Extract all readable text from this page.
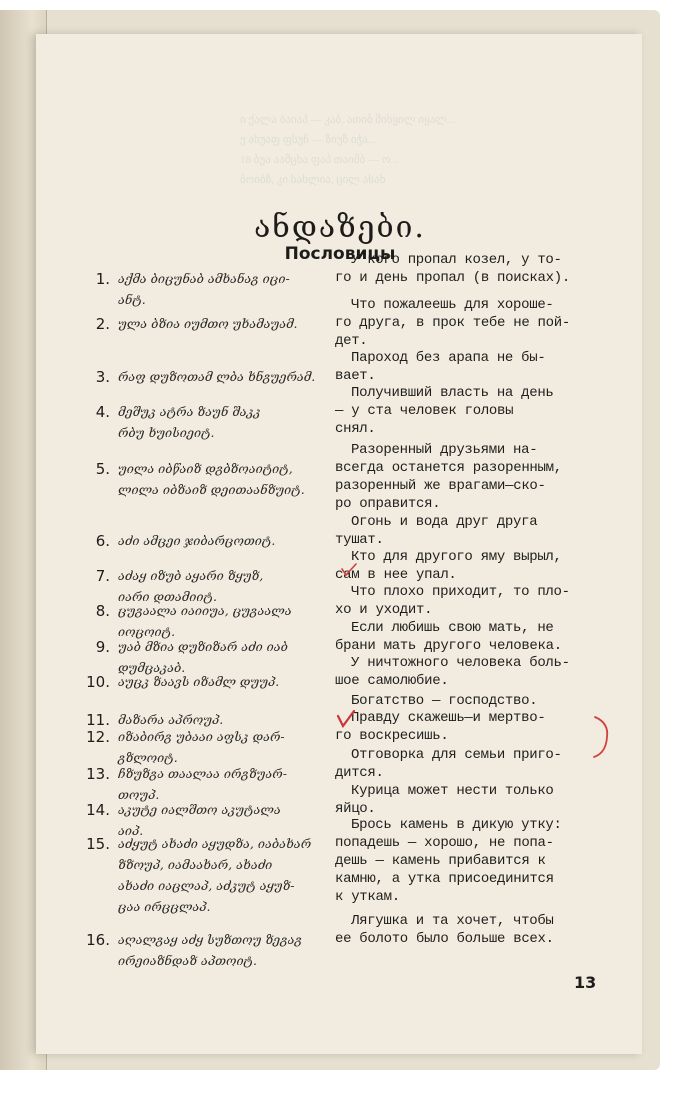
ი ქალა ბაიაპ — კაბ, ათიბ მისყილ იყალ...
ე ახუაფ ფსუჩ — ზიუზ იჭა...
18 ბუა აამცხა ფაპ თაიმბ — ო...
ბოიბზ, კი სახლია, ცილ ასახ
ანდაზები.
Пословицы
1. აქმა ბიცუნაბ ამხანაგ იცი-
ანტ.
У кого пропал козел, у то-
го и день пропал (в поисках).
2. ულა ბზია იუმთო უხამაუამ.
Что пожалеешь для хороше-
го друга, в прок тебе не пой-
дет.
3. რაფ დუზოთამ ლბა ხნგუერამ.
Пароход без арапа не бы-
вает.
4. მეშუკ ატრა ზაუნ შაკკ
რბუ ხუისიეიტ.
Получивший власть на день
— у ста человек головы
снял.
5. უილა იბწაიზ დგბზოაიტიტ,
ლილა იბზაიზ დეითაანზუიტ.
Разоренный друзьями на-
всегда останется разоренным,
разоренный же врагами—ско-
ро оправится.
6. აძი ამცეი ჯიბარცოთიტ.
Огонь и вода друг друга
тушат.
7. აძაყ იზუბ აყარი ზყუზ,
იარი დთამიიტ.
Кто для другого яму вырыл,
сам в нее упал.
8. ცუგაალა იაიიუა, ცუგაალა
იოცოიტ.
Что плохо приходит, то пло-
хо и уходит.
9. უაბ მზია დუზიზარ აძი იაბ
დუმცაკაბ.
Если любишь свою мать, не
брани мать другого человека.
10. აუცკ ზაავს იზამლ დუუპ.
У ничтожного человека боль-
шое самолюбие.
11. მაზარა აპროუპ.
Богатство — господство.
12. იზაბირგ უბააი აფსკ დარ-
გზლოიტ.
Правду скажешь—и мертво-
го воскресишь.
13. ჩზუზგა თაალაა ირგზუარ-
თოუპ.
Отговорка для семьи приго-
дится.
14. აკუტე იალშთო აკუტალა
აიპ.
Курица может нести только
яйцо.
15. აძყუტ ახაძი აყუდზა, იაბახარ
ზზოუპ, იამაახარ, ახაძი
ახაძი იაცლაპ, აძკუტ აყუზ-
ცაა ირცცლაპ.
Брось камень в дикую утку:
попадешь — хорошо, не попа-
дешь — камень прибавится к
камню, а утка присоединится
к уткам.
16. აღალგაყ აძყ სუზთოუ ზეგაგ
ირეიაზნდაზ აპთოიტ.
Лягушка и та хочет, чтобы
ее болото было больше всех.
13
